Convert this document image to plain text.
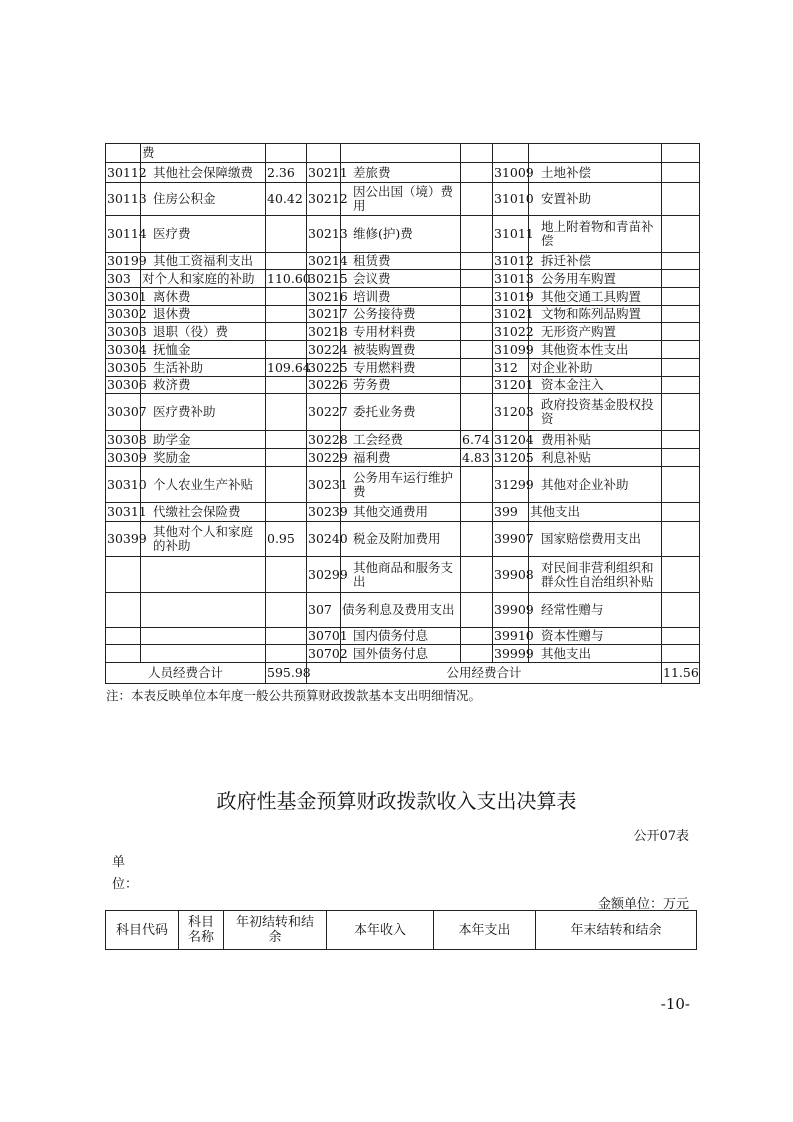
	费							
30112	其他社会保障缴费	2.36	30211	差旅费		31009	土地补偿	
30113	住房公积金	40.42	30212	因公出国（境）费用		31010	安置补助	
30114	医疗费		30213	维修(护)费		31011	地上附着物和青苗补偿	
30199	其他工资福利支出		30214	租赁费		31012	拆迁补偿	
303	对个人和家庭的补助	110.60	30215	会议费		31013	公务用车购置	
30301	离休费		30216	培训费		31019	其他交通工具购置	
30302	退休费		30217	公务接待费		31021	文物和陈列品购置	
30303	退职（役）费		30218	专用材料费		31022	无形资产购置	
30304	抚恤金		30224	被装购置费		31099	其他资本性支出	
30305	生活补助	109.64	30225	专用燃料费		312	对企业补助	
30306	救济费		30226	劳务费		31201	资本金注入	
30307	医疗费补助		30227	委托业务费		31203	政府投资基金股权投资	
30308	助学金		30228	工会经费	6.74	31204	费用补贴	
30309	奖励金		30229	福利费	4.83	31205	利息补贴	
30310	个人农业生产补贴		30231	公务用车运行维护费		31299	其他对企业补助	
30311	代缴社会保险费		30239	其他交通费用		399	其他支出	
30399	其他对个人和家庭的补助	0.95	30240	税金及附加费用		39907	国家赔偿费用支出	
			30299	其他商品和服务支出		39908	对民间非营利组织和群众性自治组织补贴	
			307	债务利息及费用支出		39909	经常性赠与	
			30701	国内债务付息		39910	资本性赠与	
			30702	国外债务付息		39999	其他支出	
人员经费合计		595.98	公用经费合计					11.56
注：本表反映单位本年度一般公共预算财政拨款基本支出明细情况。
政府性基金预算财政拨款收入支出决算表
公开07表
单位：
金额单位：万元
科目代码	科目名称	年初结转和结余	本年收入	本年支出	年末结转和结余
-10-
